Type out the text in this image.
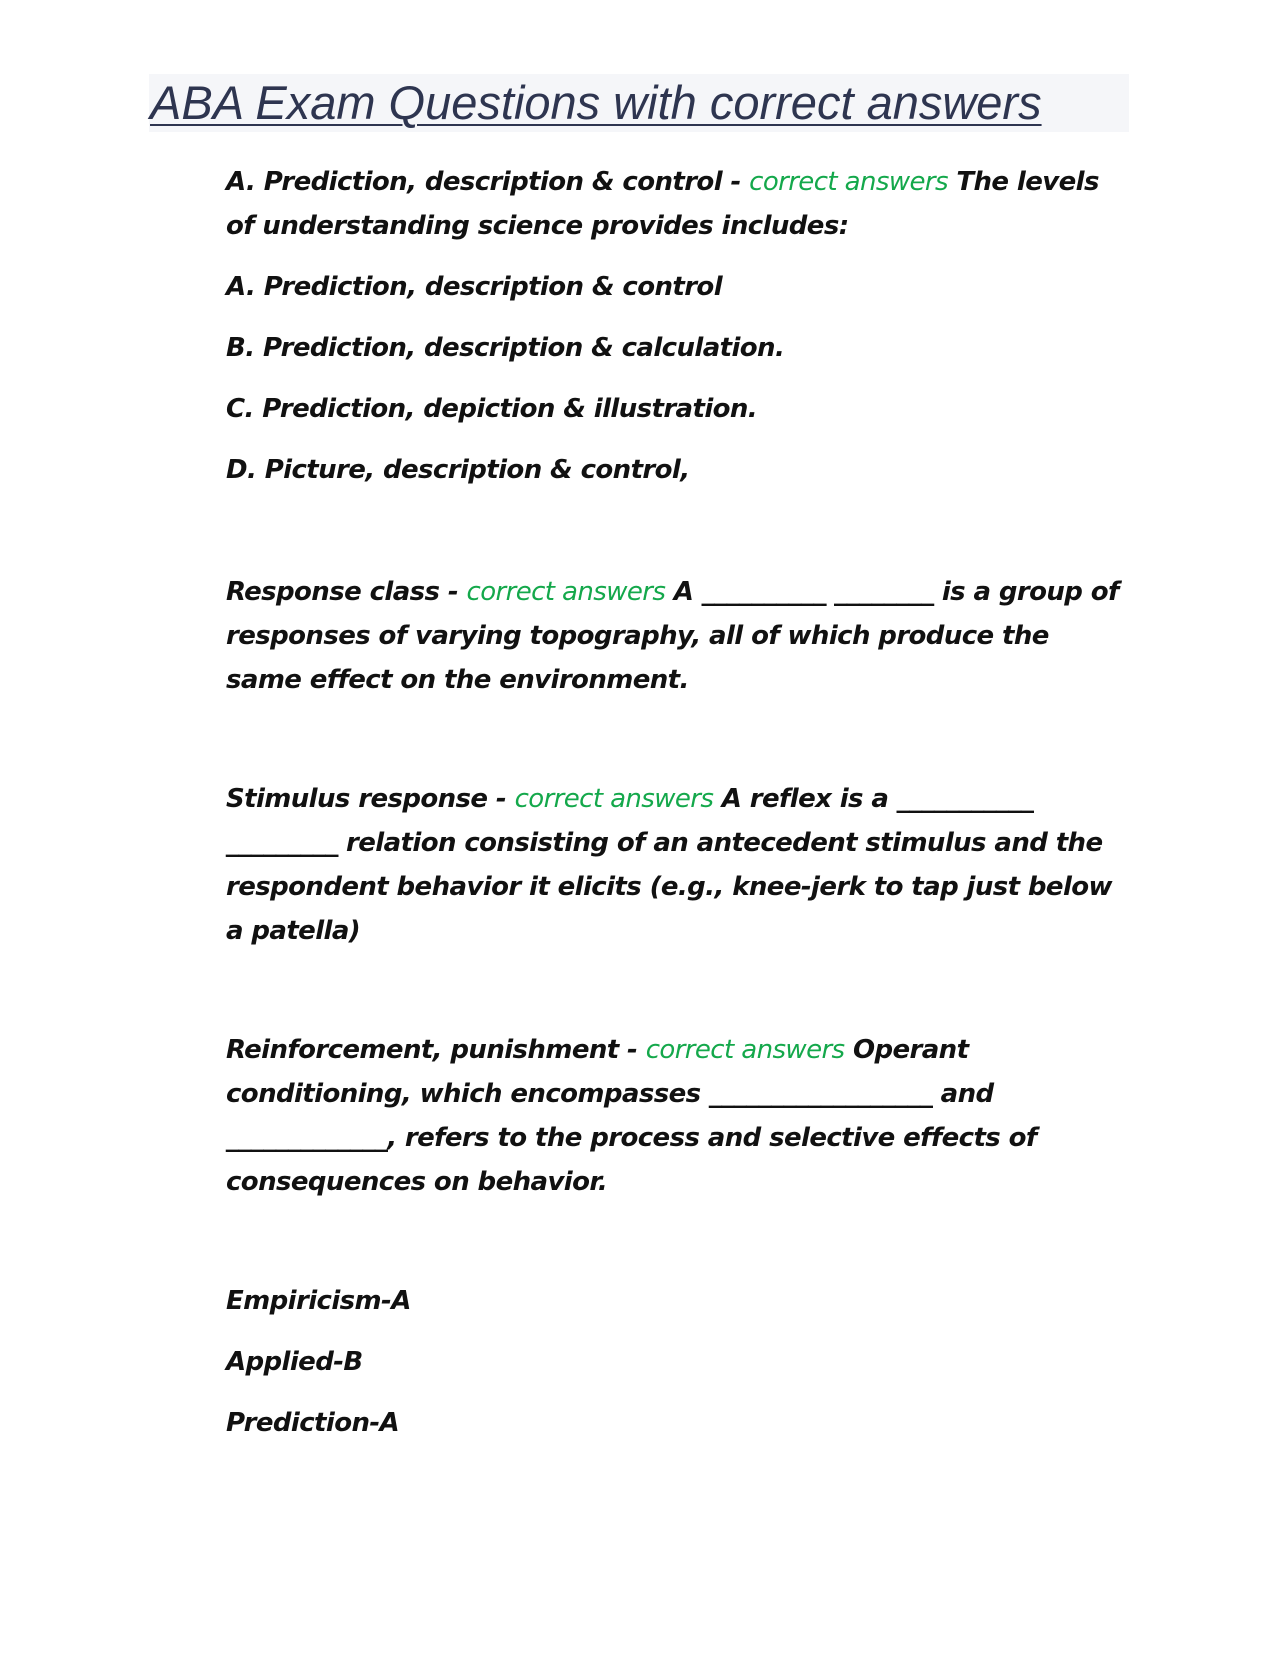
ABA Exam Questions with correct answers

A. Prediction, description & control - correct answers The levels of understanding science provides includes:

A. Prediction, description & control

B. Prediction, description & calculation.

C. Prediction, depiction & illustration.

D. Picture, description & control,

Response class - correct answers A __________ ________ is a group of responses of varying topography, all of which produce the same effect on the environment.

Stimulus response - correct answers A reflex is a ___________ _________ relation consisting of an antecedent stimulus and the respondent behavior it elicits (e.g., knee-jerk to tap just below a patella)

Reinforcement, punishment - correct answers Operant conditioning, which encompasses __________________ and _____________, refers to the process and selective effects of consequences on behavior.

Empiricism-A

Applied-B

Prediction-A
